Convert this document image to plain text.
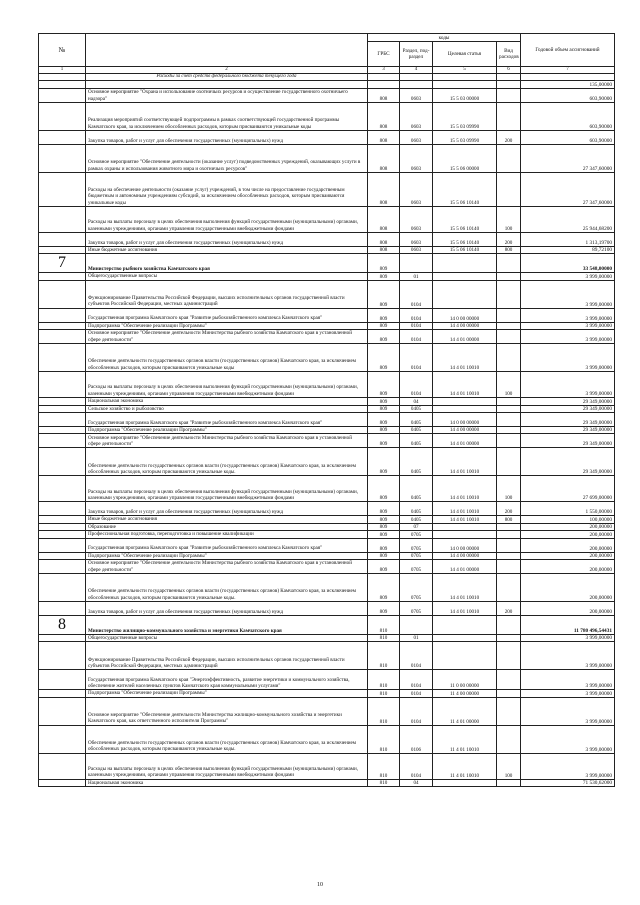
№		коды				Годовой объем ассигнований
		ГРБС	Раздел, под-раздел	Целевая статья	Вид расходов	
1	2	3	4	5	6	7
	Расходы за счет средств федерального бюджета текущего года					
						135,00000
	Основное мероприятие "Охрана и использование охотничьих ресурсов и осуществление государственного охотничьего надзора"	808	0603	15 5 03 00000		603,90000
	Реализация мероприятий соответствующей подпрограммы в рамках соответствующей государственной программы Камчатского края, за исключением обособленных расходов, которым присваиваются уникальные коды	808	0603	15 5 03 09990		603,90000
	Закупка товаров, работ и услуг для обеспечения государственных (муниципальных) нужд	808	0603	15 5 03 09990	200	603,90000
	Основное мероприятие "Обеспечение деятельности (оказание услуг) подведомственных учреждений, оказывающих услуги в рамках охраны и использования животного мира и охотничьих ресурсов"	808	0603	15 5 06 00000		27 347,60000
	Расходы на обеспечение деятельности (оказание услуг) учреждений, в том числе на предоставление государственным бюджетным и автономным учреждениям субсидий, за исключением обособленных расходов, которым присваиваются уникальные коды	808	0603	15 5 06 10140		27 347,60000
	Расходы на выплаты персоналу в целях обеспечения выполнения функций государственными (муниципальными) органами, казенными учреждениями, органами управления государственными внебюджетными фондами	808	0603	15 5 06 10140	100	25 944,68200
	Закупка товаров, работ и услуг для обеспечения государственных (муниципальных) нужд	808	0603	15 5 06 10140	200	1 313,19700
	Иные бюджетные ассигнования	808	0603	15 5 06 10140	800	89,72100
7	Министерство рыбного хозяйства Камчатского края	809				33 548,00000
	Общегосударственные вопросы	809	01			3 999,00000
	Функционирование Правительства Российской Федерации, высших исполнительных органов государственной власти субъектов Российской Федерации, местных администраций	809	0104			3 999,00000
	Государственная программа Камчатского края "Развитие рыбохозяйственного комплекса Камчатского края"	809	0104	14 0 00 00000		3 999,00000
	Подпрограмма "Обеспечение реализации Программы"	809	0104	14 4 00 00000		3 999,00000
	Основное мероприятие "Обеспечение деятельности Министерства рыбного хозяйства Камчатского края в установленной сфере деятельности"	809	0104	14 4 01 00000		3 999,00000
	Обеспечение деятельности государственных органов власти (государственных органов) Камчатского края, за исключением обособленных расходов, которым присваиваются уникальные коды	809	0104	14 4 01 10010		3 999,00000
	Расходы на выплаты персоналу в целях обеспечения выполнения функций государственными (муниципальными) органами, казенными учреждениями, органами управления государственными внебюджетными фондами	809	0104	14 4 01 10010	100	3 999,00000
	Национальная экономика	809	04			29 349,00000
	Сельское хозяйство и рыболовство	809	0405			29 349,00000
	Государственная программа Камчатского края "Развитие рыбохозяйственного комплекса Камчатского края"	809	0405	14 0 00 00000		29 349,00000
	Подпрограмма "Обеспечение реализации Программы"	809	0405	14 4 00 00000		29 349,00000
	Основное мероприятие "Обеспечение деятельности Министерства рыбного хозяйства Камчатского края в установленной сфере деятельности"	809	0405	14 4 01 00000		29 349,00000
	Обеспечение деятельности государственных органов власти (государственных органов) Камчатского края, за исключением обособленных расходов, которым присваиваются уникальные коды.	809	0405	14 4 01 10010		29 349,00000
	Расходы на выплаты персоналу в целях обеспечения выполнения функций государственными (муниципальными) органами, казенными учреждениями, органами управления государственными внебюджетными фондами	809	0405	14 4 01 10010	100	27 699,00000
	Закупка товаров, работ и услуг для обеспечения государственных (муниципальных) нужд	809	0405	14 4 01 10010	200	1 550,00000
	Иные бюджетные ассигнования	809	0405	14 4 01 10010	800	100,00000
	Образование	809	07			200,00000
	Профессиональная подготовка, переподготовка и повышение квалификации	809	0705			200,00000
	Государственная программа Камчатского края "Развитие рыбохозяйственного комплекса Камчатского края"	809	0705	14 0 00 00000		200,00000
	Подпрограмма "Обеспечение реализации Программы"	809	0705	14 4 00 00000		200,00000
	Основное мероприятие "Обеспечение деятельности Министерства рыбного хозяйства Камчатского края в установленной сфере деятельности"	809	0705	14 4 01 00000		200,00000
	Обеспечение деятельности государственных органов власти (государственных органов) Камчатского края, за исключением обособленных расходов, которым присваиваются уникальные коды.	809	0705	14 4 01 10010		200,00000
	Закупка товаров, работ и услуг для обеспечения государственных (муниципальных) нужд	809	0705	14 4 01 10010	200	200,00000
8	Министерство жилищно-коммунального хозяйства и энергетики Камчатского края	810				11 780 496,54431
	Общегосударственные вопросы	810	01			3 999,00000
	Функционирование Правительства Российской Федерации, высших исполнительных органов государственной власти субъектов Российской Федерации, местных администраций	810	0104			3 999,00000
	Государственная программа Камчатского края "Энергоэффективность, развитие энергетики и коммунального хозяйства, обеспечение жителей населенных пунктов Камчатского края коммунальными услугами"	810	0104	11 0 00 00000		3 999,00000
	Подпрограмма "Обеспечение реализации Программы"	810	0104	11 4 00 00000		3 999,00000
	Основное мероприятие "Обеспечение деятельности Министерства жилищно-коммунального хозяйства и энергетики Камчатского края, как ответственного исполнителя Программы"	810	0104	11 4 01 00000		3 999,00000
	Обеспечение деятельности государственных органов власти (государственных органов) Камчатского края, за исключением обособленных расходов, которым присваиваются уникальные коды.	810	0106	11 4 01 10010		3 999,00000
	Расходы на выплаты персоналу в целях обеспечения выполнения функций государственными (муниципальными) органами, казенными учреждениями, органами управления государственными внебюджетными фондами	810	0104	11 4 01 10010	100	3 999,00000
	Национальная экономика	810	04			71 530,62000
10
